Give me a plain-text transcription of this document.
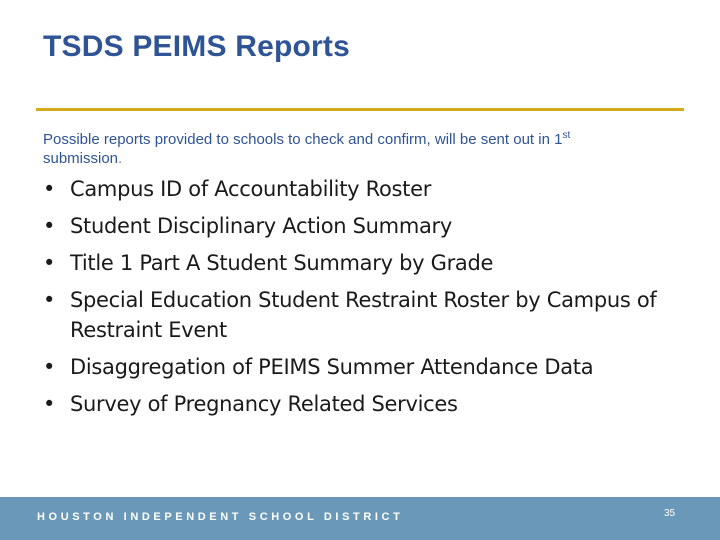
TSDS PEIMS Reports
Possible reports provided to schools to check and confirm, will be sent out in 1st
submission.
• Campus ID of Accountability Roster
• Student Disciplinary Action Summary
• Title 1 Part A Student Summary by Grade
• Special Education Student Restraint Roster by Campus of Restraint Event
• Disaggregation of PEIMS Summer Attendance Data
• Survey of Pregnancy Related Services
HOUSTON INDEPENDENT SCHOOL DISTRICT	35
